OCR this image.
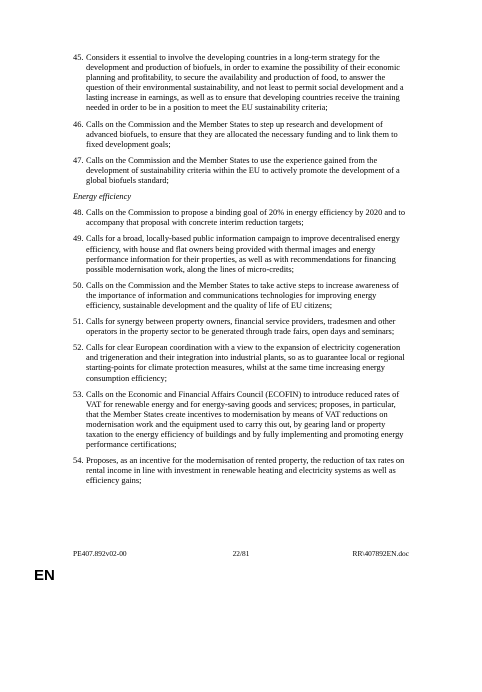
45. Considers it essential to involve the developing countries in a long-term strategy for the development and production of biofuels, in order to examine the possibility of their economic planning and profitability, to secure the availability and production of food, to answer the question of their environmental sustainability, and not least to permit social development and a lasting increase in earnings, as well as to ensure that developing countries receive the training needed in order to be in a position to meet the EU sustainability criteria;
46. Calls on the Commission and the Member States to step up research and development of advanced biofuels, to ensure that they are allocated the necessary funding and to link them to fixed development goals;
47. Calls on the Commission and the Member States to use the experience gained from the development of sustainability criteria within the EU to actively promote the development of a global biofuels standard;
Energy efficiency
48. Calls on the Commission to propose a binding goal of 20% in energy efficiency by 2020 and to accompany that proposal with concrete interim reduction targets;
49. Calls for a broad, locally-based public information campaign to improve decentralised energy efficiency, with house and flat owners being provided with thermal images and energy performance information for their properties, as well as with recommendations for financing possible modernisation work, along the lines of micro-credits;
50. Calls on the Commission and the Member States to take active steps to increase awareness of the importance of information and communications technologies for improving energy efficiency, sustainable development and the quality of life of EU citizens;
51. Calls for synergy between property owners, financial service providers, tradesmen and other operators in the property sector to be generated through trade fairs, open days and seminars;
52. Calls for clear European coordination with a view to the expansion of electricity cogeneration and trigeneration and their integration into industrial plants, so as to guarantee local or regional starting-points for climate protection measures, whilst at the same time increasing energy consumption efficiency;
53. Calls on the Economic and Financial Affairs Council (ECOFIN) to introduce reduced rates of VAT for renewable energy and for energy-saving goods and services; proposes, in particular, that the Member States create incentives to modernisation by means of VAT reductions on modernisation work and the equipment used to carry this out, by gearing land or property taxation to the energy efficiency of buildings and by fully implementing and promoting energy performance certifications;
54. Proposes, as an incentive for the modernisation of rented property, the reduction of tax rates on rental income in line with investment in renewable heating and electricity systems as well as efficiency gains;
PE407.892v02-00	22/81	RR\407892EN.doc
EN
